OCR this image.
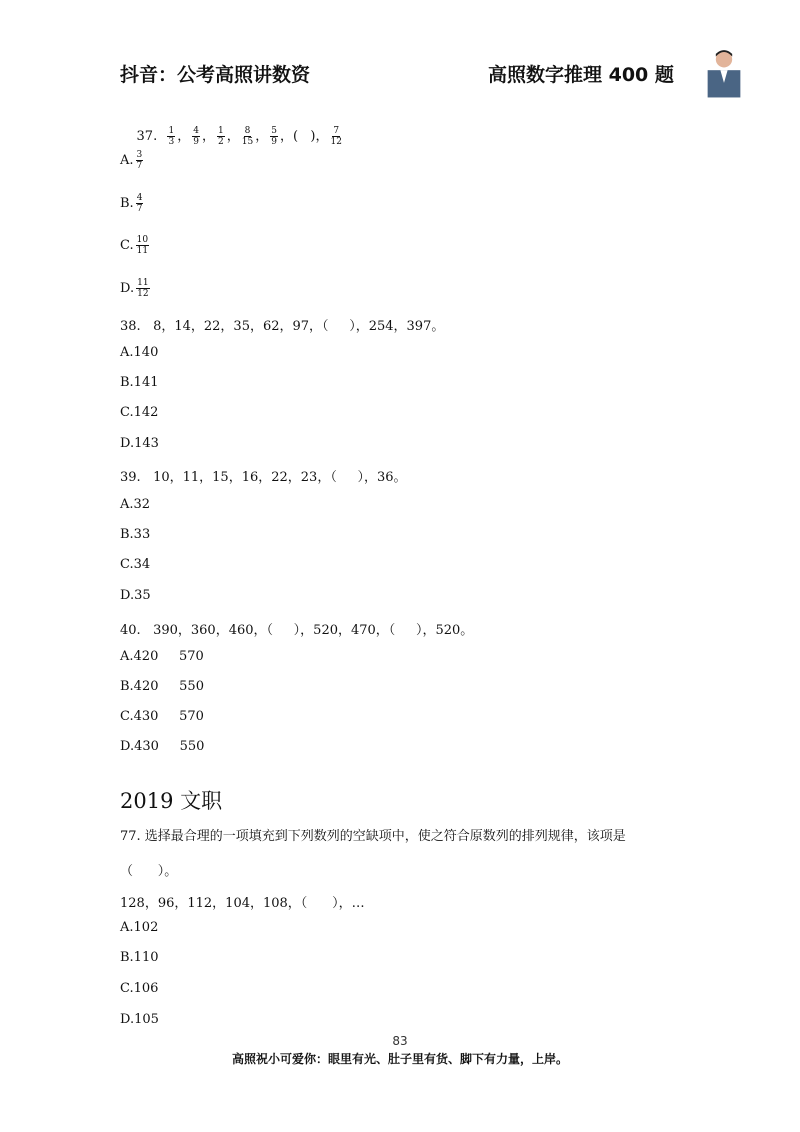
抖音：公考高照讲数资	高照数字推理 400 题

37. $\frac{1}{3}$ ， $\frac{4}{9}$ ， $\frac{1}{2}$ ， $\frac{8}{15}$ ， $\frac{5}{9}$ ，(   )， $\frac{7}{12}$

A. $\frac{3}{7}$
B. $\frac{4}{7}$
C. $\frac{10}{11}$
D. $\frac{11}{12}$
38.   8，14，22，35，62，97，（     ），254，397。
A.140
B.141
C.142
D.143
39.   10，11，15，16，22，23，（     ），36。
A.32
B.33
C.34
D.35
40.   390，360，460，（     ），520，470，（     ），520。
A.420     570
B.420     550
C.430     570
D.430     550
2019 文职
77. 选择最合理的一项填充到下列数列的空缺项中，使之符合原数列的排列规律，该项是
（      ）。
128，96，112，104，108，（      ），…
A.102
B.110
C.106
D.105
83
高照祝小可爱你：眼里有光、肚子里有货、脚下有力量，上岸。
